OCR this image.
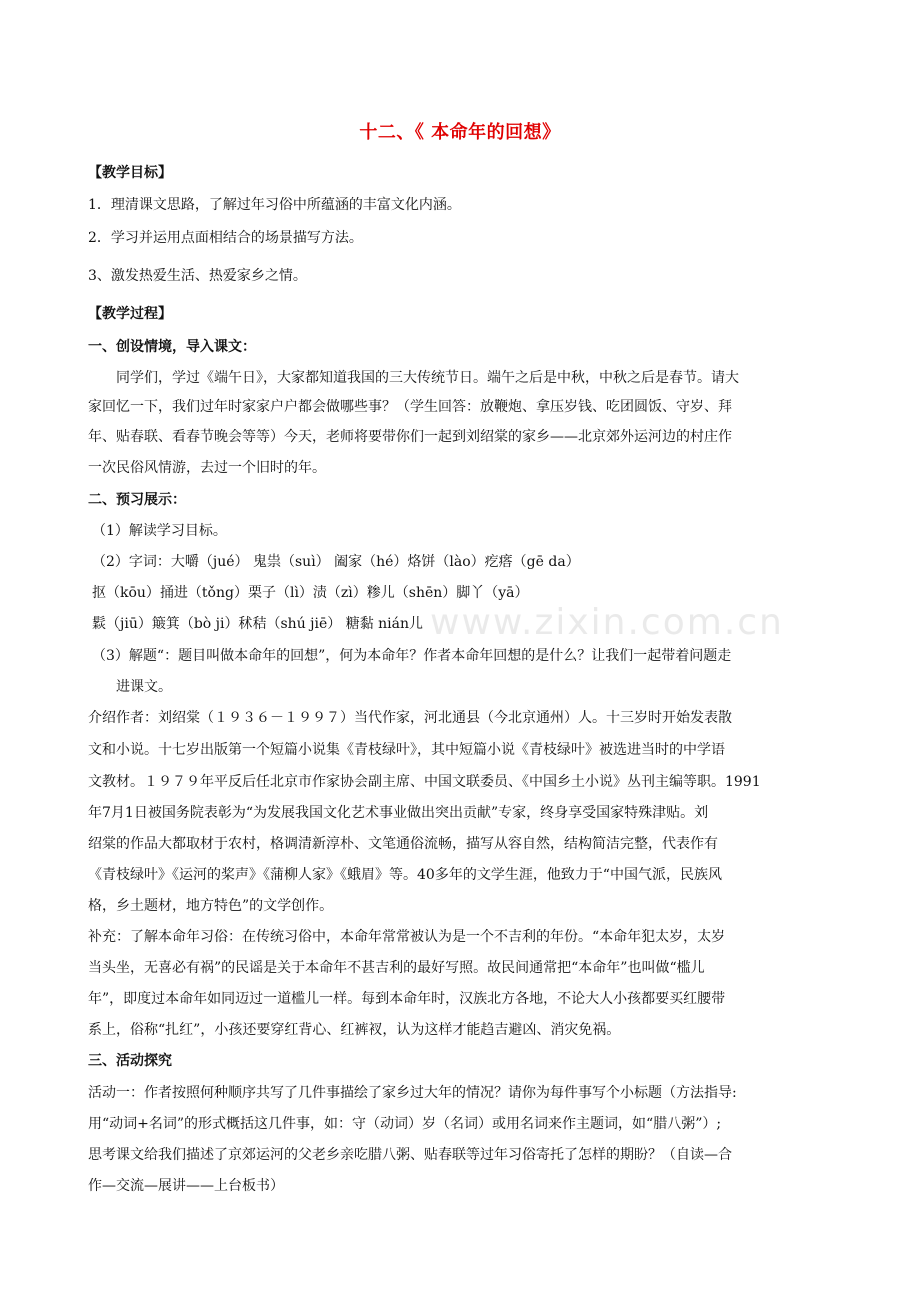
www.zixin.com.cn
十二、《 本命年的回想》
【教学目标】
1．理清课文思路，了解过年习俗中所蕴涵的丰富文化内涵。
2．学习并运用点面相结合的场景描写方法。
3、激发热爱生活、热爱家乡之情。
【教学过程】
一、创设情境，导入课文：
同学们，学过《端午日》，大家都知道我国的三大传统节日。端午之后是中秋，中秋之后是春节。请大
家回忆一下，我们过年时家家户户都会做哪些事？（学生回答：放鞭炮、拿压岁钱、吃团圆饭、守岁、拜
年、贴春联、看春节晚会等等）今天，老师将要带你们一起到刘绍棠的家乡——北京郊外运河边的村庄作
一次民俗风情游，去过一个旧时的年。
二、预习展示：
（1）解读学习目标。
（2）字词：大嚼（jué） 鬼祟（suì） 阖家（hé）烙饼（lào）疙瘩（gē da）
抠（kōu）捅进（tǒng）栗子（lì）渍（zì）糁儿（shēn）脚丫（yā）
鬏（jiū）簸箕（bò ji）秫秸（shú jiē） 糖黏 nián儿
（3）解题“：题目叫做本命年的回想”，何为本命年？作者本命年回想的是什么？让我们一起带着问题走
进课文。
介绍作者：刘绍棠（１９３６－１９９７）当代作家，河北通县（今北京通州）人。十三岁时开始发表散
文和小说。十七岁出版第一个短篇小说集《青枝绿叶》，其中短篇小说《青枝绿叶》被选进当时的中学语
文教材。１９７９年平反后任北京市作家协会副主席、中国文联委员、《中国乡土小说》丛刊主编等职。1991
年7月1日被国务院表彰为“为发展我国文化艺术事业做出突出贡献”专家，终身享受国家特殊津贴。刘
绍棠的作品大都取材于农村，格调清新淳朴、文笔通俗流畅，描写从容自然，结构简洁完整，代表作有
《青枝绿叶》《运河的桨声》《蒲柳人家》《蛾眉》等。40多年的文学生涯，他致力于“中国气派，民族风
格，乡土题材，地方特色”的文学创作。
补充：了解本命年习俗：在传统习俗中，本命年常常被认为是一个不吉利的年份。“本命年犯太岁，太岁
当头坐，无喜必有祸”的民谣是关于本命年不甚吉利的最好写照。故民间通常把“本命年”也叫做“槛儿
年”，即度过本命年如同迈过一道槛儿一样。每到本命年时，汉族北方各地，不论大人小孩都要买红腰带
系上，俗称“扎红”，小孩还要穿红背心、红裤衩，认为这样才能趋吉避凶、消灾免祸。
三、活动探究
活动一：作者按照何种顺序共写了几件事描绘了家乡过大年的情况？请你为每件事写个小标题（方法指导:
用“动词+名词”的形式概括这几件事，如：守（动词）岁（名词）或用名词来作主题词，如“腊八粥”）;
思考课文给我们描述了京郊运河的父老乡亲吃腊八粥、贴春联等过年习俗寄托了怎样的期盼？（自读—合
作—交流—展讲——上台板书）
